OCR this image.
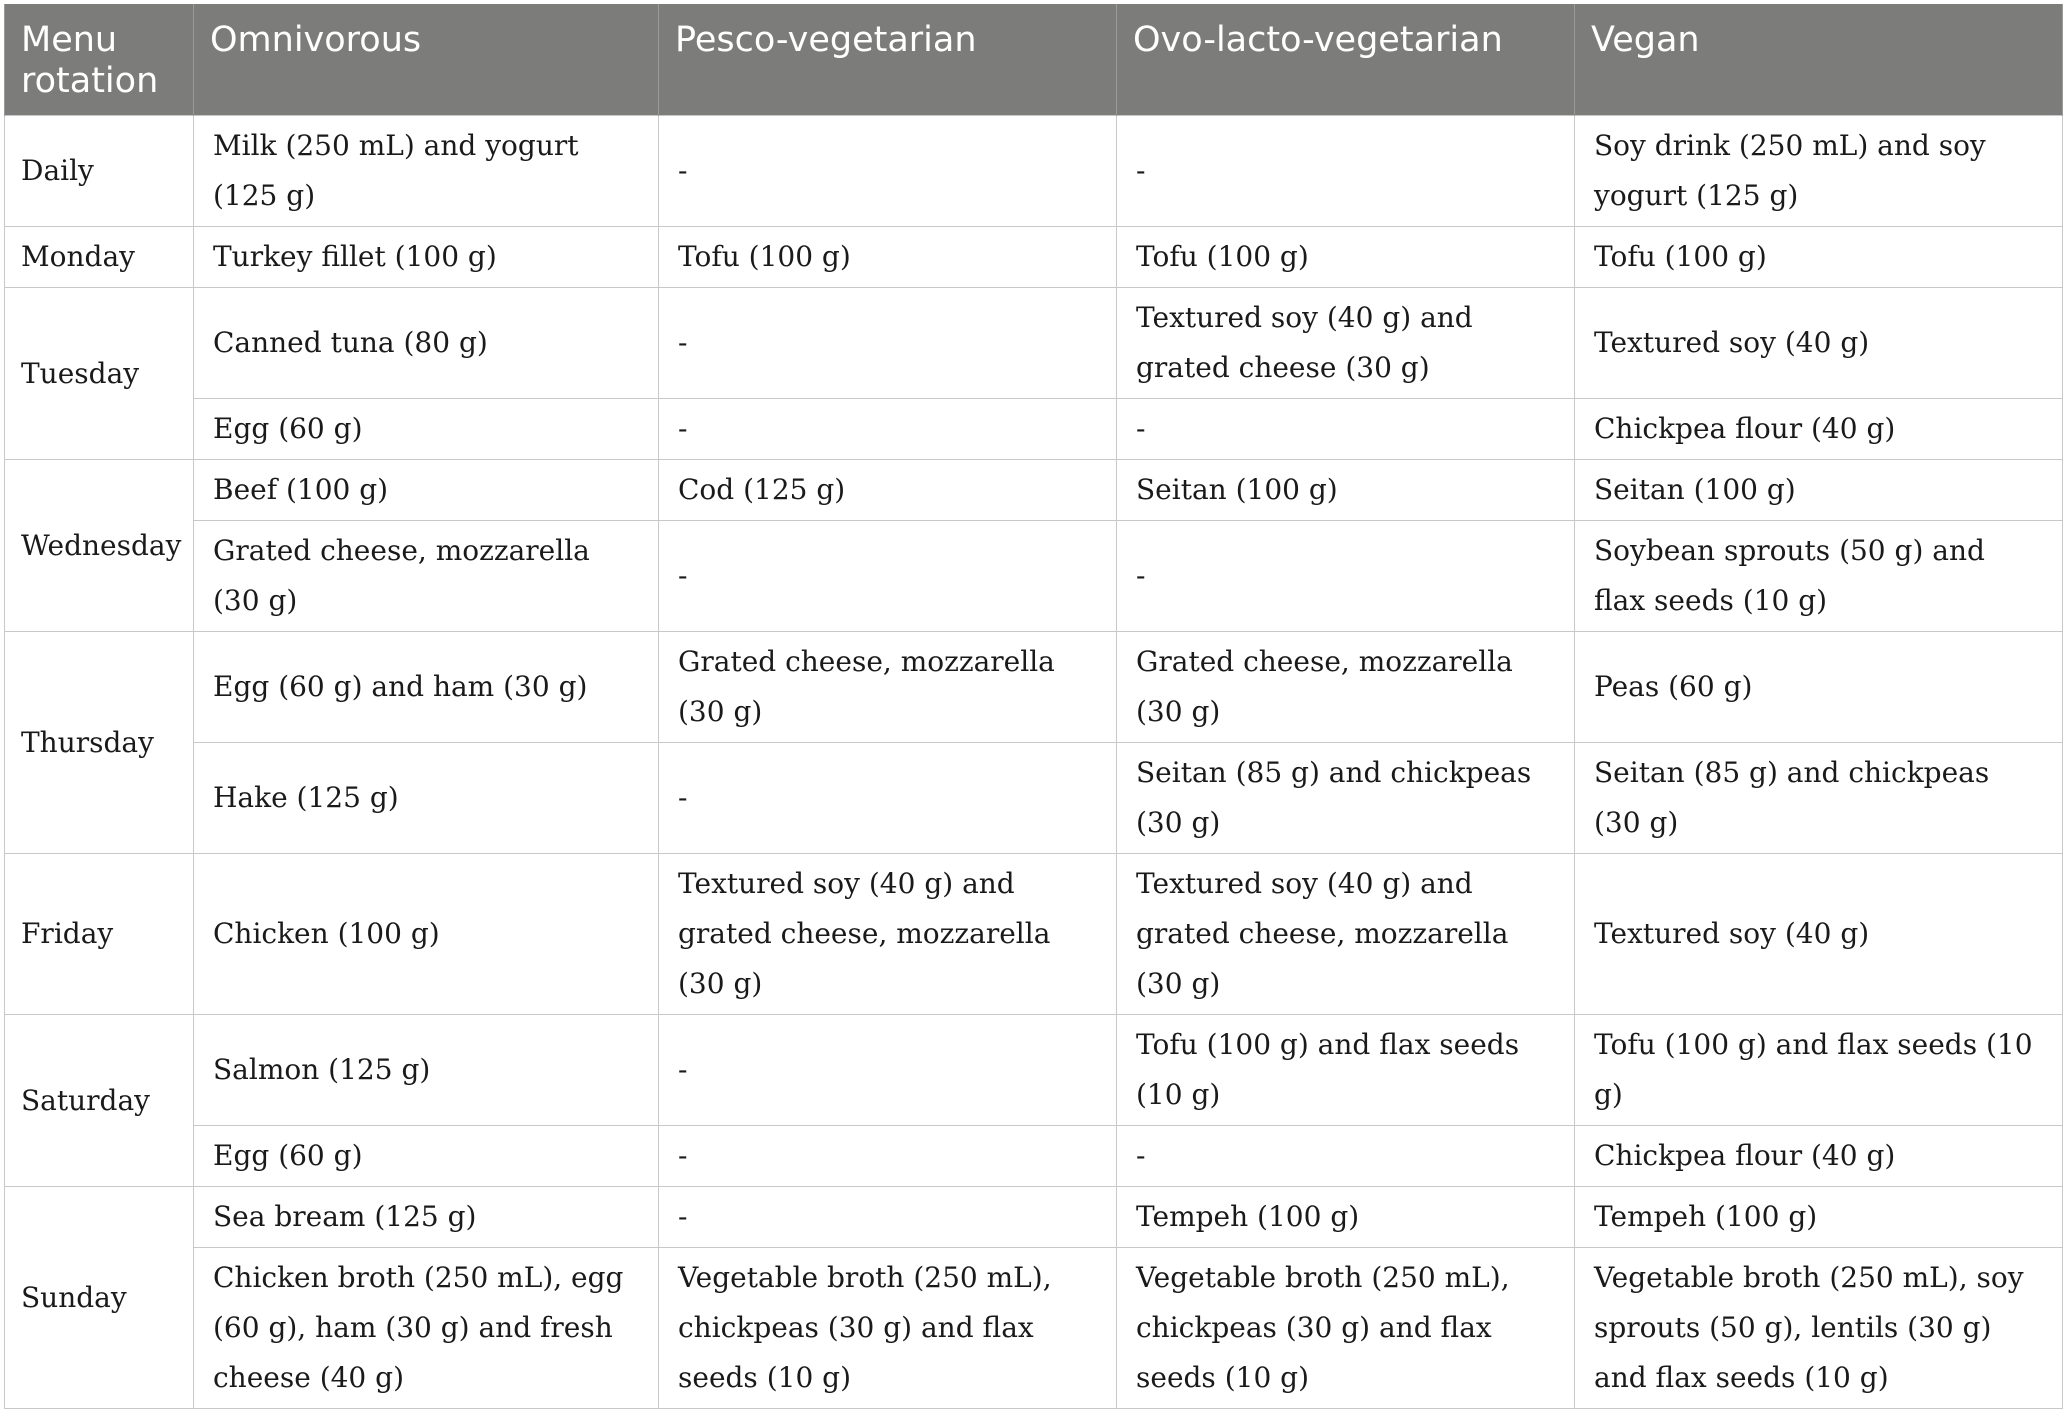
Menu rotation	Omnivorous	Pesco-vegetarian	Ovo-lacto-vegetarian	Vegan
Daily	Milk (250 mL) and yogurt (125 g)	-	-	Soy drink (250 mL) and soy yogurt (125 g)
Monday	Turkey fillet (100 g)	Tofu (100 g)	Tofu (100 g)	Tofu (100 g)
Tuesday	Canned tuna (80 g)	-	Textured soy (40 g) and grated cheese (30 g)	Textured soy (40 g)
	Egg (60 g)	-	-	Chickpea flour (40 g)
Wednesday	Beef (100 g)	Cod (125 g)	Seitan (100 g)	Seitan (100 g)
	Grated cheese, mozzarella (30 g)	-	-	Soybean sprouts (50 g) and flax seeds (10 g)
Thursday	Egg (60 g) and ham (30 g)	Grated cheese, mozzarella (30 g)	Grated cheese, mozzarella (30 g)	Peas (60 g)
	Hake (125 g)	-	Seitan (85 g) and chickpeas (30 g)	Seitan (85 g) and chickpeas (30 g)
Friday	Chicken (100 g)	Textured soy (40 g) and grated cheese, mozzarella (30 g)	Textured soy (40 g) and grated cheese, mozzarella (30 g)	Textured soy (40 g)
Saturday	Salmon (125 g)	-	Tofu (100 g) and flax seeds (10 g)	Tofu (100 g) and flax seeds (10 g)
	Egg (60 g)	-	-	Chickpea flour (40 g)
Sunday	Sea bream (125 g)	-	Tempeh (100 g)	Tempeh (100 g)
	Chicken broth (250 mL), egg (60 g), ham (30 g) and fresh cheese (40 g)	Vegetable broth (250 mL), chickpeas (30 g) and flax seeds (10 g)	Vegetable broth (250 mL), chickpeas (30 g) and flax seeds (10 g)	Vegetable broth (250 mL), soy sprouts (50 g), lentils (30 g) and flax seeds (10 g)
